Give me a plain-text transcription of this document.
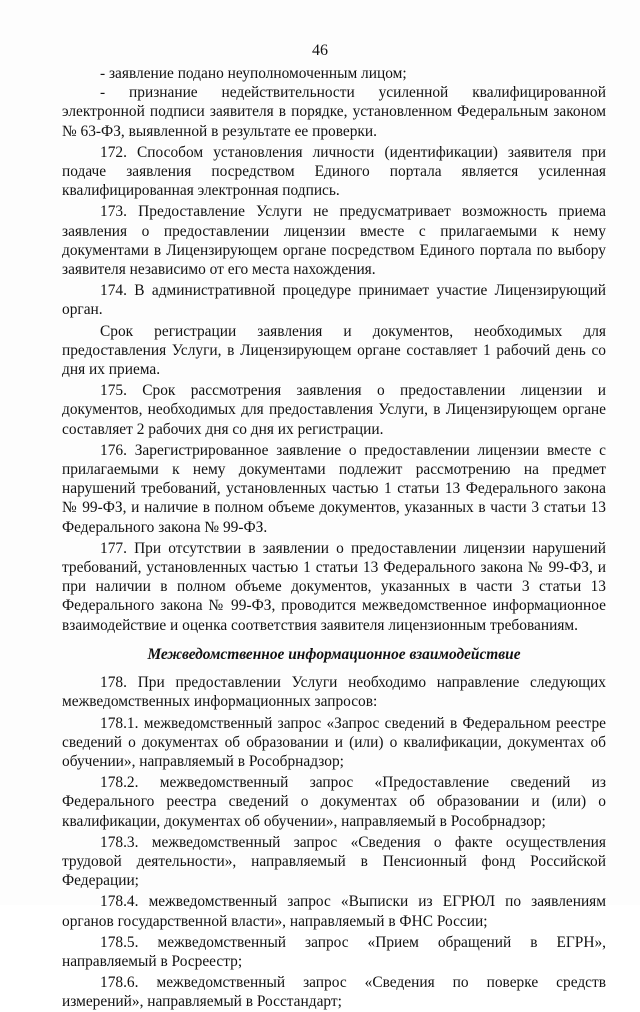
46

- заявление подано неуполномоченным лицом;

- признание недействительности усиленной квалифицированной электронной подписи заявителя в порядке, установленном Федеральным законом № 63-ФЗ, выявленной в результате ее проверки.

172. Способом установления личности (идентификации) заявителя при подаче заявления посредством Единого портала является усиленная квалифицированная электронная подпись.

173. Предоставление Услуги не предусматривает возможность приема заявления о предоставлении лицензии вместе с прилагаемыми к нему документами в Лицензирующем органе посредством Единого портала по выбору заявителя независимо от его места нахождения.

174. В административной процедуре принимает участие Лицензирующий орган.

Срок регистрации заявления и документов, необходимых для предоставления Услуги, в Лицензирующем органе составляет 1 рабочий день со дня их приема.

175. Срок рассмотрения заявления о предоставлении лицензии и документов, необходимых для предоставления Услуги, в Лицензирующем органе составляет 2 рабочих дня со дня их регистрации.

176. Зарегистрированное заявление о предоставлении лицензии вместе с прилагаемыми к нему документами подлежит рассмотрению на предмет нарушений требований, установленных частью 1 статьи 13 Федерального закона № 99-ФЗ, и наличие в полном объеме документов, указанных в части 3 статьи 13 Федерального закона № 99-ФЗ.

177. При отсутствии в заявлении о предоставлении лицензии нарушений требований, установленных частью 1 статьи 13 Федерального закона № 99-ФЗ, и при наличии в полном объеме документов, указанных в части 3 статьи 13 Федерального закона № 99-ФЗ, проводится межведомственное информационное взаимодействие и оценка соответствия заявителя лицензионным требованиям.

Межведомственное информационное взаимодействие

178. При предоставлении Услуги необходимо направление следующих межведомственных информационных запросов:

178.1. межведомственный запрос «Запрос сведений в Федеральном реестре сведений о документах об образовании и (или) о квалификации, документах об обучении», направляемый в Рособрнадзор;

178.2. межведомственный запрос «Предоставление сведений из Федерального реестра сведений о документах об образовании и (или) о квалификации, документах об обучении», направляемый в Рособрнадзор;

178.3. межведомственный запрос «Сведения о факте осуществления трудовой деятельности», направляемый в Пенсионный фонд Российской Федерации;

178.4. межведомственный запрос «Выписки из ЕГРЮЛ по заявлениям органов государственной власти», направляемый в ФНС России;

178.5. межведомственный запрос «Прием обращений в ЕГРН», направляемый в Росреестр;

178.6. межведомственный запрос «Сведения по поверке средств измерений», направляемый в Росстандарт;
